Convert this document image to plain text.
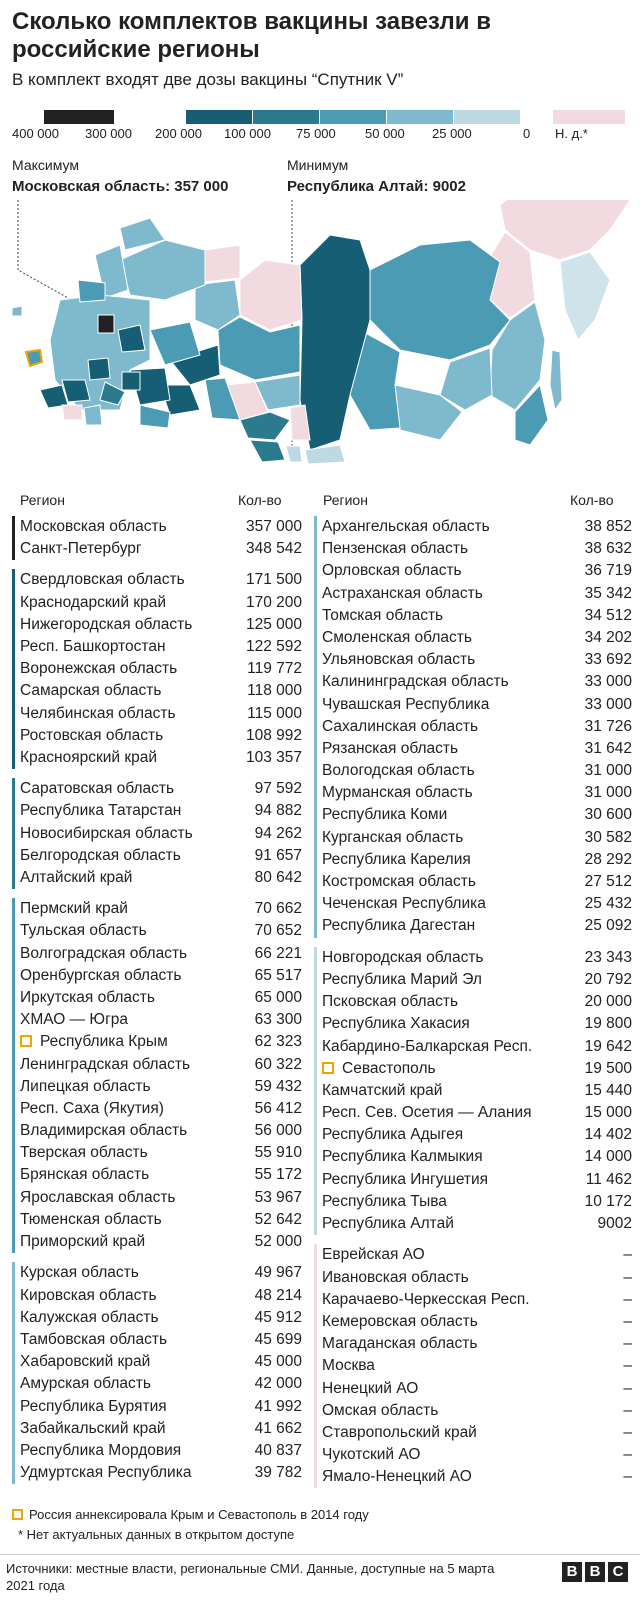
Сколько комплектов вакцины завезли в российские регионы
В комплект входят две дозы вакцины “Спутник V”
400 000 300 000 200 000 100 000 75 000 50 000 25 000	0 Н. д.*
Максимум
Московская область: 357 000
Минимум
Республика Алтай: 9002
Регион	Кол-во	Регион	Кол-во
Московская область	357 000
Санкт-Петербург	348 542
Свердловская область	171 500
Краснодарский край	170 200
Нижегородская область	125 000
Респ. Башкортостан	122 592
Воронежская область	119 772
Самарская область	118 000
Челябинская область	115 000
Ростовская область	108 992
Красноярский край	103 357
Саратовская область	97 592
Республика Татарстан	94 882
Новосибирская область	94 262
Белгородская область	91 657
Алтайский край	80 642
Пермский край	70 662
Тульская область	70 652
Волгоградская область	66 221
Оренбургская область	65 517
Иркутская область	65 000
ХМАО — Югра	63 300
Республика Крым	62 323
Ленинградская область	60 322
Липецкая область	59 432
Респ. Саха (Якутия)	56 412
Владимирская область	56 000
Тверская область	55 910
Брянская область	55 172
Ярославская область	53 967
Тюменская область	52 642
Приморский край	52 000
Курская область	49 967
Кировская область	48 214
Калужская область	45 912
Тамбовская область	45 699
Хабаровский край	45 000
Амурская область	42 000
Республика Бурятия	41 992
Забайкальский край	41 662
Республика Мордовия	40 837
Удмуртская Республика	39 782
Архангельская область	38 852
Пензенская область	38 632
Орловская область	36 719
Астраханская область	35 342
Томская область	34 512
Смоленская область	34 202
Ульяновская область	33 692
Калининградская область	33 000
Чувашская Республика	33 000
Сахалинская область	31 726
Рязанская область	31 642
Вологодская область	31 000
Мурманская область	31 000
Республика Коми	30 600
Курганская область	30 582
Республика Карелия	28 292
Костромская область	27 512
Чеченская Республика	25 432
Республика Дагестан	25 092
Новгородская область	23 343
Республика Марий Эл	20 792
Псковская область	20 000
Республика Хакасия	19 800
Кабардино-Балкарская Респ.	19 642
Севастополь	19 500
Камчатский край	15 440
Респ. Сев. Осетия — Алания	15 000
Республика Адыгея	14 402
Республика Калмыкия	14 000
Республика Ингушетия	11 462
Республика Тыва	10 172
Республика Алтай	9002
Еврейская АО	–
Ивановская область	–
Карачаево-Черкесская Респ.	–
Кемеровская область	–
Магаданская область	–
Москва	–
Ненецкий АО	–
Омская область	–
Ставропольский край	–
Чукотский АО	–
Ямало-Ненецкий АО	–
Россия аннексировала Крым и Севастополь в 2014 году
* Нет актуальных данных в открытом доступе
Источники: местные власти, региональные СМИ. Данные, доступные на 5 марта 2021 года
B B C
